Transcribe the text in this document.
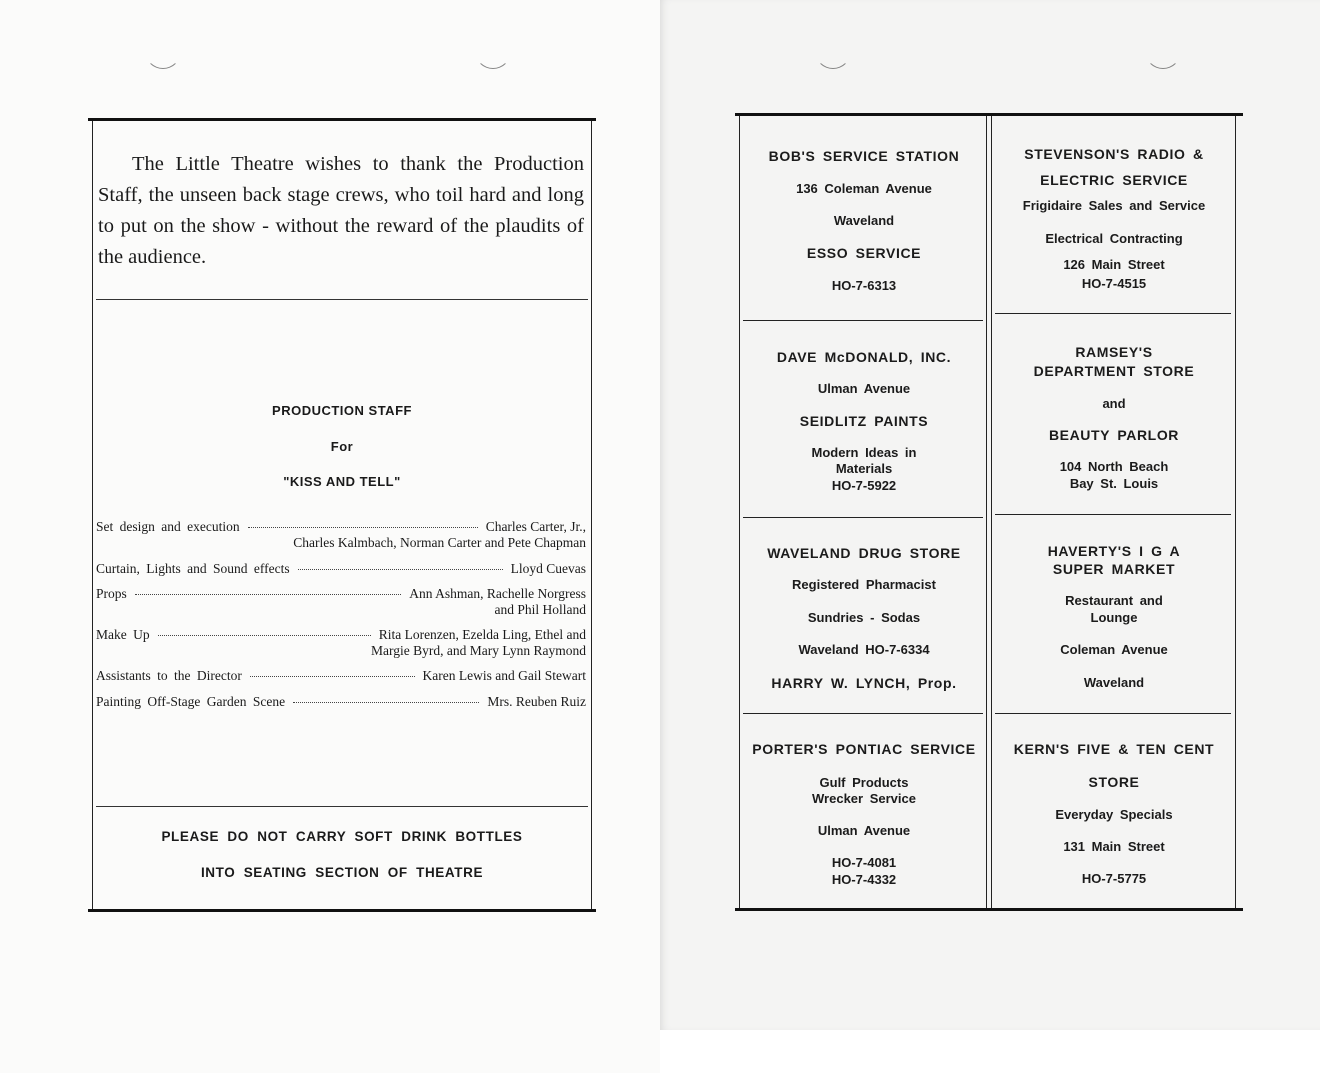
The Little Theatre wishes to thank the Production Staff, the unseen back stage crews, who toil hard and long to put on the show - without the reward of the plaudits of the audience.
PRODUCTION STAFF
For
"KISS AND TELL"
Set design and execution	Charles Carter, Jr.,
Charles Kalmbach, Norman Carter and Pete Chapman
Curtain, Lights and Sound effects	Lloyd Cuevas
Props	Ann Ashman, Rachelle Norgress
and Phil Holland
Make Up	Rita Lorenzen, Ezelda Ling, Ethel and
Margie Byrd, and Mary Lynn Raymond
Assistants to the Director	Karen Lewis and Gail Stewart
Painting Off-Stage Garden Scene	Mrs. Reuben Ruiz
PLEASE DO NOT CARRY SOFT DRINK BOTTLES
INTO SEATING SECTION OF THEATRE
BOB'S SERVICE STATION
136 Coleman Avenue
Waveland
ESSO SERVICE
HO-7-6313
STEVENSON'S RADIO &
ELECTRIC SERVICE
Frigidaire Sales and Service
Electrical Contracting
126 Main Street
HO-7-4515
DAVE McDONALD, INC.
Ulman Avenue
SEIDLITZ PAINTS
Modern Ideas in
Materials
HO-7-5922
RAMSEY'S
DEPARTMENT STORE
and
BEAUTY PARLOR
104 North Beach
Bay St. Louis
WAVELAND DRUG STORE
Registered Pharmacist
Sundries - Sodas
Waveland HO-7-6334
HARRY W. LYNCH, Prop.
HAVERTY'S I G A
SUPER MARKET
Restaurant and
Lounge
Coleman Avenue
Waveland
PORTER'S PONTIAC SERVICE
Gulf Products
Wrecker Service
Ulman Avenue
HO-7-4081
HO-7-4332
KERN'S FIVE & TEN CENT
STORE
Everyday Specials
131 Main Street
HO-7-5775
